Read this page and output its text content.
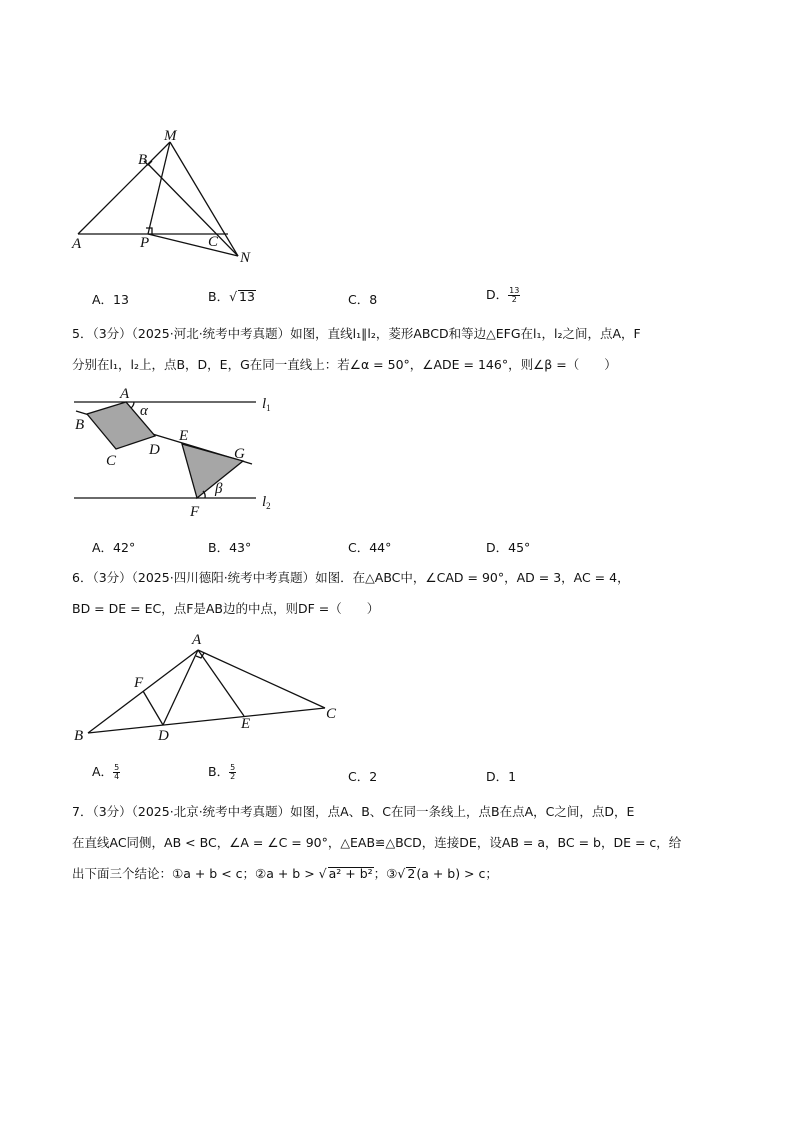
M
B
A	P	C
N
A．13	B．√ 13	C．8	D． $\frac{13}{2}$
5．（3分）（2025·河北·统考中考真题）如图，直线l₁∥l₂，菱形ABCD和等边△EFG在l₁，l₂之间，点A，F
分别在l₁，l₂上，点B，D，E，G在同一直线上：若∠α = 50°，∠ADE = 146°，则∠β =（　　）
A
α	$l_1$
B
C
D
E
G
β
F
$l_2$
A．42°	B．43°	C．44°	D．45°
6．（3分）（2025·四川德阳·统考中考真题）如图．在△ABC中，∠CAD = 90°，AD = 3，AC = 4，
BD = DE = EC，点F是AB边的中点，则DF =（　　）
A
F
B	D
E
C
A． $\frac{5}{4}$	B． $\frac{5}{2}$	C．2	D．1
7．（3分）（2025·北京·统考中考真题）如图，点A、B、C在同一条线上，点B在点A，C之间，点D，E
在直线AC同侧，AB < BC，∠A = ∠C = 90°，△EAB≌△BCD，连接DE，设AB = a，BC = b，DE = c，给
出下面三个结论：①a + b < c；②a + b > √ a² + b²；③√ 2(a + b) > c；
